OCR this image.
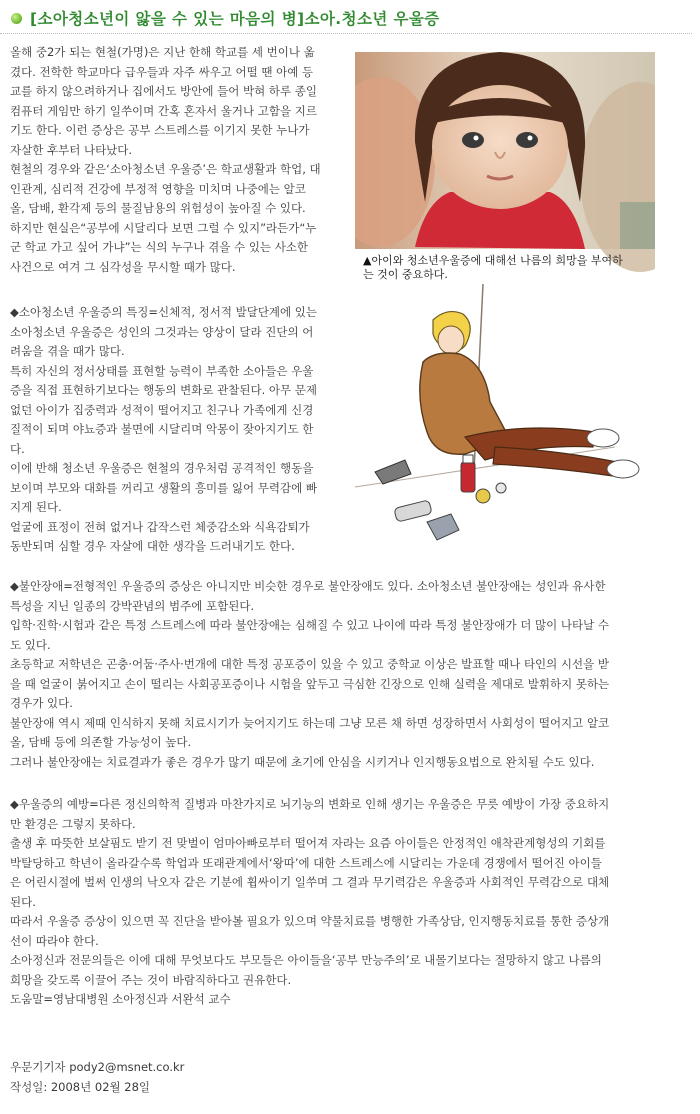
[소아청소년이 앓을 수 있는 마음의 병]소아.청소년 우울증
▲아이와 청소년우울증에 대해선 나름의 희망을 부여하
는 것이 중요하다.

올해 중2가 되는 현철(가명)은 지난 한해 학교를 세 번이나 옮
겼다. 전학한 학교마다 급우들과 자주 싸우고 어떨 땐 아예 등
교를 하지 않으려하거나 집에서도 방안에 들어 박혀 하루 종일
컴퓨터 게임만 하기 일쑤이며 간혹 혼자서 울거나 고함을 지르
기도 한다. 이런 증상은 공부 스트레스를 이기지 못한 누나가
자살한 후부터 나타났다.
현철의 경우와 같은‘소아청소년 우울증’은 학교생활과 학업, 대
인관계, 심리적 건강에 부정적 영향을 미치며 나중에는 알코
올, 담배, 환각제 등의 물질남용의 위험성이 높아질 수 있다.
하지만 현실은“공부에 시달리다 보면 그럴 수 있지”라든가“누
군 학교 가고 싶어 가냐”는 식의 누구나 겪을 수 있는 사소한
사건으로 여겨 그 심각성을 무시할 때가 많다.

◆소아청소년 우울증의 특징=신체적, 정서적 발달단계에 있는
소아청소년 우울증은 성인의 그것과는 양상이 달라 진단의 어
려움을 겪을 때가 많다.
특히 자신의 정서상태를 표현할 능력이 부족한 소아들은 우울
증을 직접 표현하기보다는 행동의 변화로 관찰된다. 아무 문제
없던 아이가 집중력과 성적이 떨어지고 친구나 가족에게 신경
질적이 되며 야뇨증과 불면에 시달리며 악몽이 잦아지기도 한
다.
이에 반해 청소년 우울증은 현철의 경우처럼 공격적인 행동을
보이며 부모와 대화를 꺼리고 생활의 흥미를 잃어 무력감에 빠
지게 된다.
얼굴에 표정이 전혀 없거나 갑작스런 체중감소와 식욕감퇴가
동반되며 심할 경우 자살에 대한 생각을 드러내기도 한다.

◆불안장애=전형적인 우울증의 증상은 아니지만 비슷한 경우로 불안장애도 있다. 소아청소년 불안장애는 성인과 유사한
특성을 지닌 일종의 강박관념의 범주에 포함된다.
입학·진학·시험과 같은 특정 스트레스에 따라 불안장애는 심해질 수 있고 나이에 따라 특정 불안장애가 더 많이 나타날 수
도 있다.
초등학교 저학년은 곤충·어둠·주사·번개에 대한 특정 공포증이 있을 수 있고 중학교 이상은 발표할 때나 타인의 시선을 받
을 때 얼굴이 붉어지고 손이 떨리는 사회공포증이나 시험을 앞두고 극심한 긴장으로 인해 실력을 제대로 발휘하지 못하는
경우가 있다.
불안장애 역시 제때 인식하지 못해 치료시기가 늦어지기도 하는데 그냥 모른 채 하면 성장하면서 사회성이 떨어지고 알코
올, 담배 등에 의존할 가능성이 높다.
그러나 불안장애는 치료결과가 좋은 경우가 많기 때문에 초기에 안심을 시키거나 인지행동요법으로 완치될 수도 있다.

◆우울증의 예방=다른 정신의학적 질병과 마찬가지로 뇌기능의 변화로 인해 생기는 우울증은 무릇 예방이 가장 중요하지
만 환경은 그렇지 못하다.
출생 후 따뜻한 보살핌도 받기 전 맞벌이 엄마아빠로부터 떨어져 자라는 요즘 아이들은 안정적인 애착관계형성의 기회를
박탈당하고 학년이 올라갈수록 학업과 또래관계에서‘왕따’에 대한 스트레스에 시달리는 가운데 경쟁에서 떨어진 아이들
은 어린시절에 벌써 인생의 낙오자 같은 기분에 휩싸이기 일쑤며 그 결과 무기력감은 우울증과 사회적인 무력감으로 대체
된다.
따라서 우울증 증상이 있으면 꼭 진단을 받아볼 필요가 있으며 약물치료를 병행한 가족상담, 인지행동치료를 통한 증상개
선이 따라야 한다.
소아정신과 전문의들은 이에 대해 무엇보다도 부모들은 아이들을‘공부 만능주의’로 내몰기보다는 절망하지 않고 나름의
희망을 갖도록 이끌어 주는 것이 바람직하다고 권유한다.
도움말=영남대병원 소아정신과 서완석 교수

우문기기자 pody2@msnet.co.kr

작성일: 2008년 02월 28일
